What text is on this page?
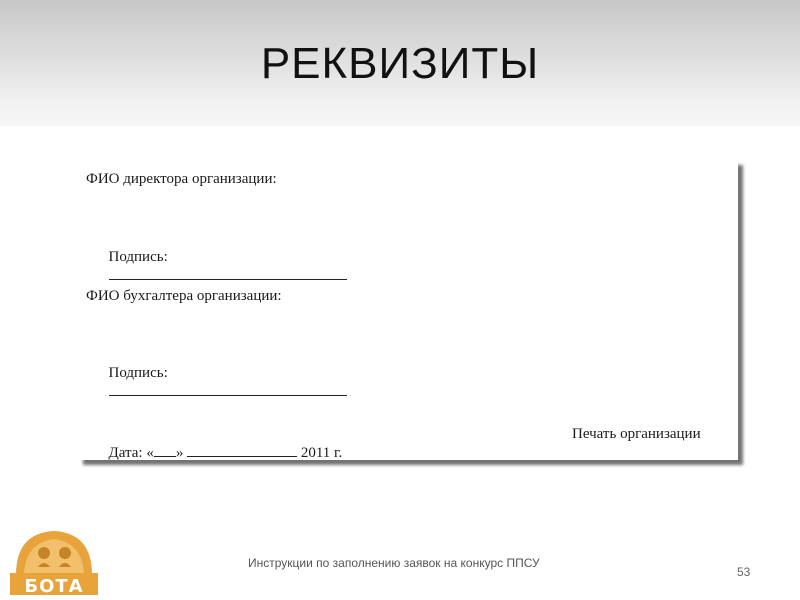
РЕКВИЗИТЫ
ФИО директора организации:

Подпись:

ФИО бухгалтера организации:

Подпись:

Дата: « »	2011 г.

Печать организации
Инструкции по заполнению заявок на конкурс ППСУ
53
БОТА
